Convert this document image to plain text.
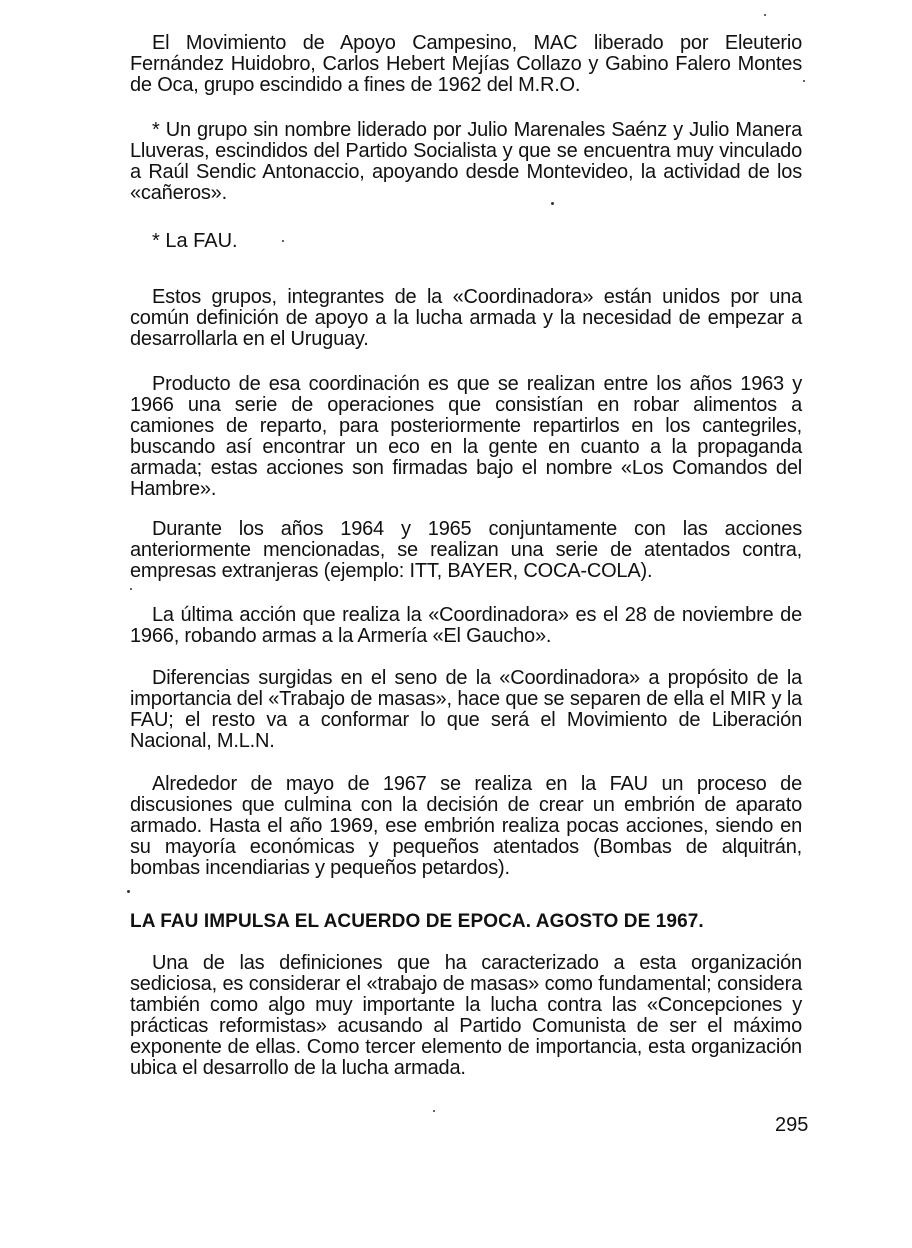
El Movimiento de Apoyo Campesino, MAC liberado por Eleuterio Fernández Huidobro, Carlos Hebert Mejías Collazo y Gabino Falero Montes de Oca, grupo escindido a fines de 1962 del M.R.O.
* Un grupo sin nombre liderado por Julio Marenales Saénz y Julio Manera Lluveras, escindidos del Partido Socialista y que se encuentra muy vinculado a Raúl Sendic Antonaccio, apoyando desde Montevideo, la actividad de los «cañeros».
* La FAU.
Estos grupos, integrantes de la «Coordinadora» están unidos por una común definición de apoyo a la lucha armada y la necesidad de empezar a desarrollarla en el Uruguay.
Producto de esa coordinación es que se realizan entre los años 1963 y 1966 una serie de operaciones que consistían en robar alimentos a camiones de reparto, para posteriormente repartirlos en los cantegriles, buscando así encontrar un eco en la gente en cuanto a la propaganda armada; estas acciones son firmadas bajo el nombre «Los Comandos del Hambre».
Durante los años 1964 y 1965 conjuntamente con las acciones anteriormente mencionadas, se realizan una serie de atentados contra, empresas extranjeras (ejemplo: ITT, BAYER, COCA-COLA).
La última acción que realiza la «Coordinadora» es el 28 de noviembre de 1966, robando armas a la Armería «El Gaucho».
Diferencias surgidas en el seno de la «Coordinadora» a propósito de la importancia del «Trabajo de masas», hace que se separen de ella el MIR y la FAU; el resto va a conformar lo que será el Movimiento de Liberación Nacional, M.L.N.
Alrededor de mayo de 1967 se realiza en la FAU un proceso de discusiones que culmina con la decisión de crear un embrión de aparato armado. Hasta el año 1969, ese embrión realiza pocas acciones, siendo en su mayoría económicas y pequeños atentados (Bombas de alquitrán, bombas incendiarias y pequeños petardos).
LA FAU IMPULSA EL ACUERDO DE EPOCA. AGOSTO DE 1967.
Una de las definiciones que ha caracterizado a esta organización sediciosa, es considerar el «trabajo de masas» como fundamental; considera también como algo muy importante la lucha contra las «Concepciones y prácticas reformistas» acusando al Partido Comunista de ser el máximo exponente de ellas. Como tercer elemento de importancia, esta organización ubica el desarrollo de la lucha armada.
295
